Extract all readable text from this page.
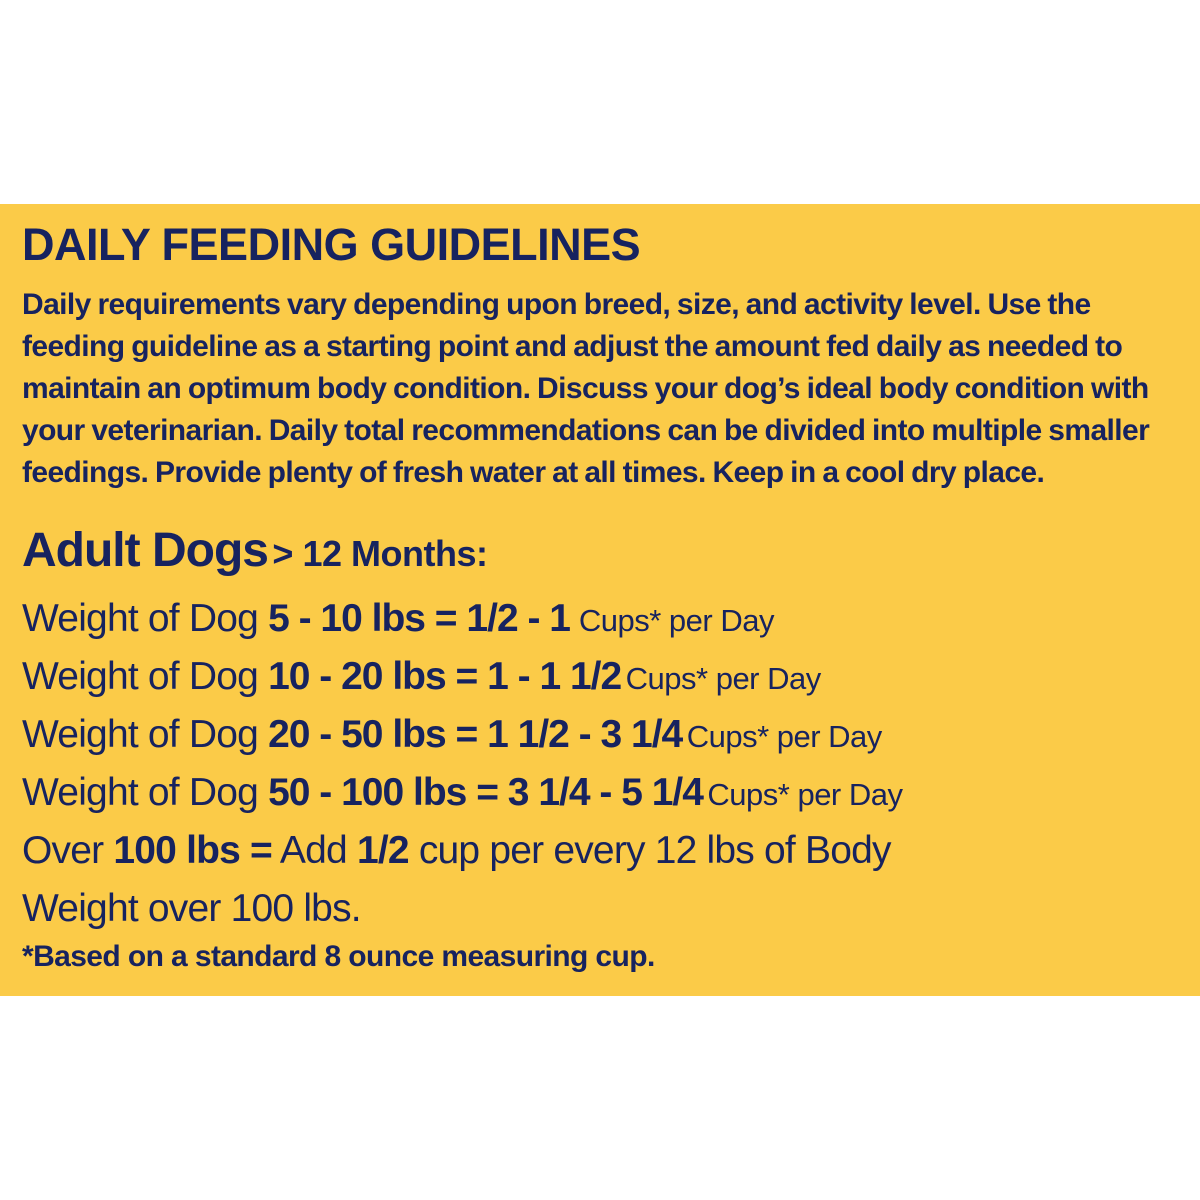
DAILY FEEDING GUIDELINES
Daily requirements vary depending upon breed, size, and activity level. Use the
feeding guideline as a starting point and adjust the amount fed daily as needed to
maintain an optimum body condition. Discuss your dog’s ideal body condition with
your veterinarian. Daily total recommendations can be divided into multiple smaller
feedings. Provide plenty of fresh water at all times. Keep in a cool dry place.
Adult Dogs > 12 Months:
Weight of Dog 5 - 10 lbs = 1/2 - 1 Cups* per Day
Weight of Dog 10 - 20 lbs = 1 - 1 1/2 Cups* per Day
Weight of Dog 20 - 50 lbs = 1 1/2 - 3 1/4 Cups* per Day
Weight of Dog 50 - 100 lbs = 3 1/4 - 5 1/4 Cups* per Day
Over 100 lbs = Add 1/2 cup per every 12 lbs of Body
Weight over 100 lbs.
*Based on a standard 8 ounce measuring cup.
